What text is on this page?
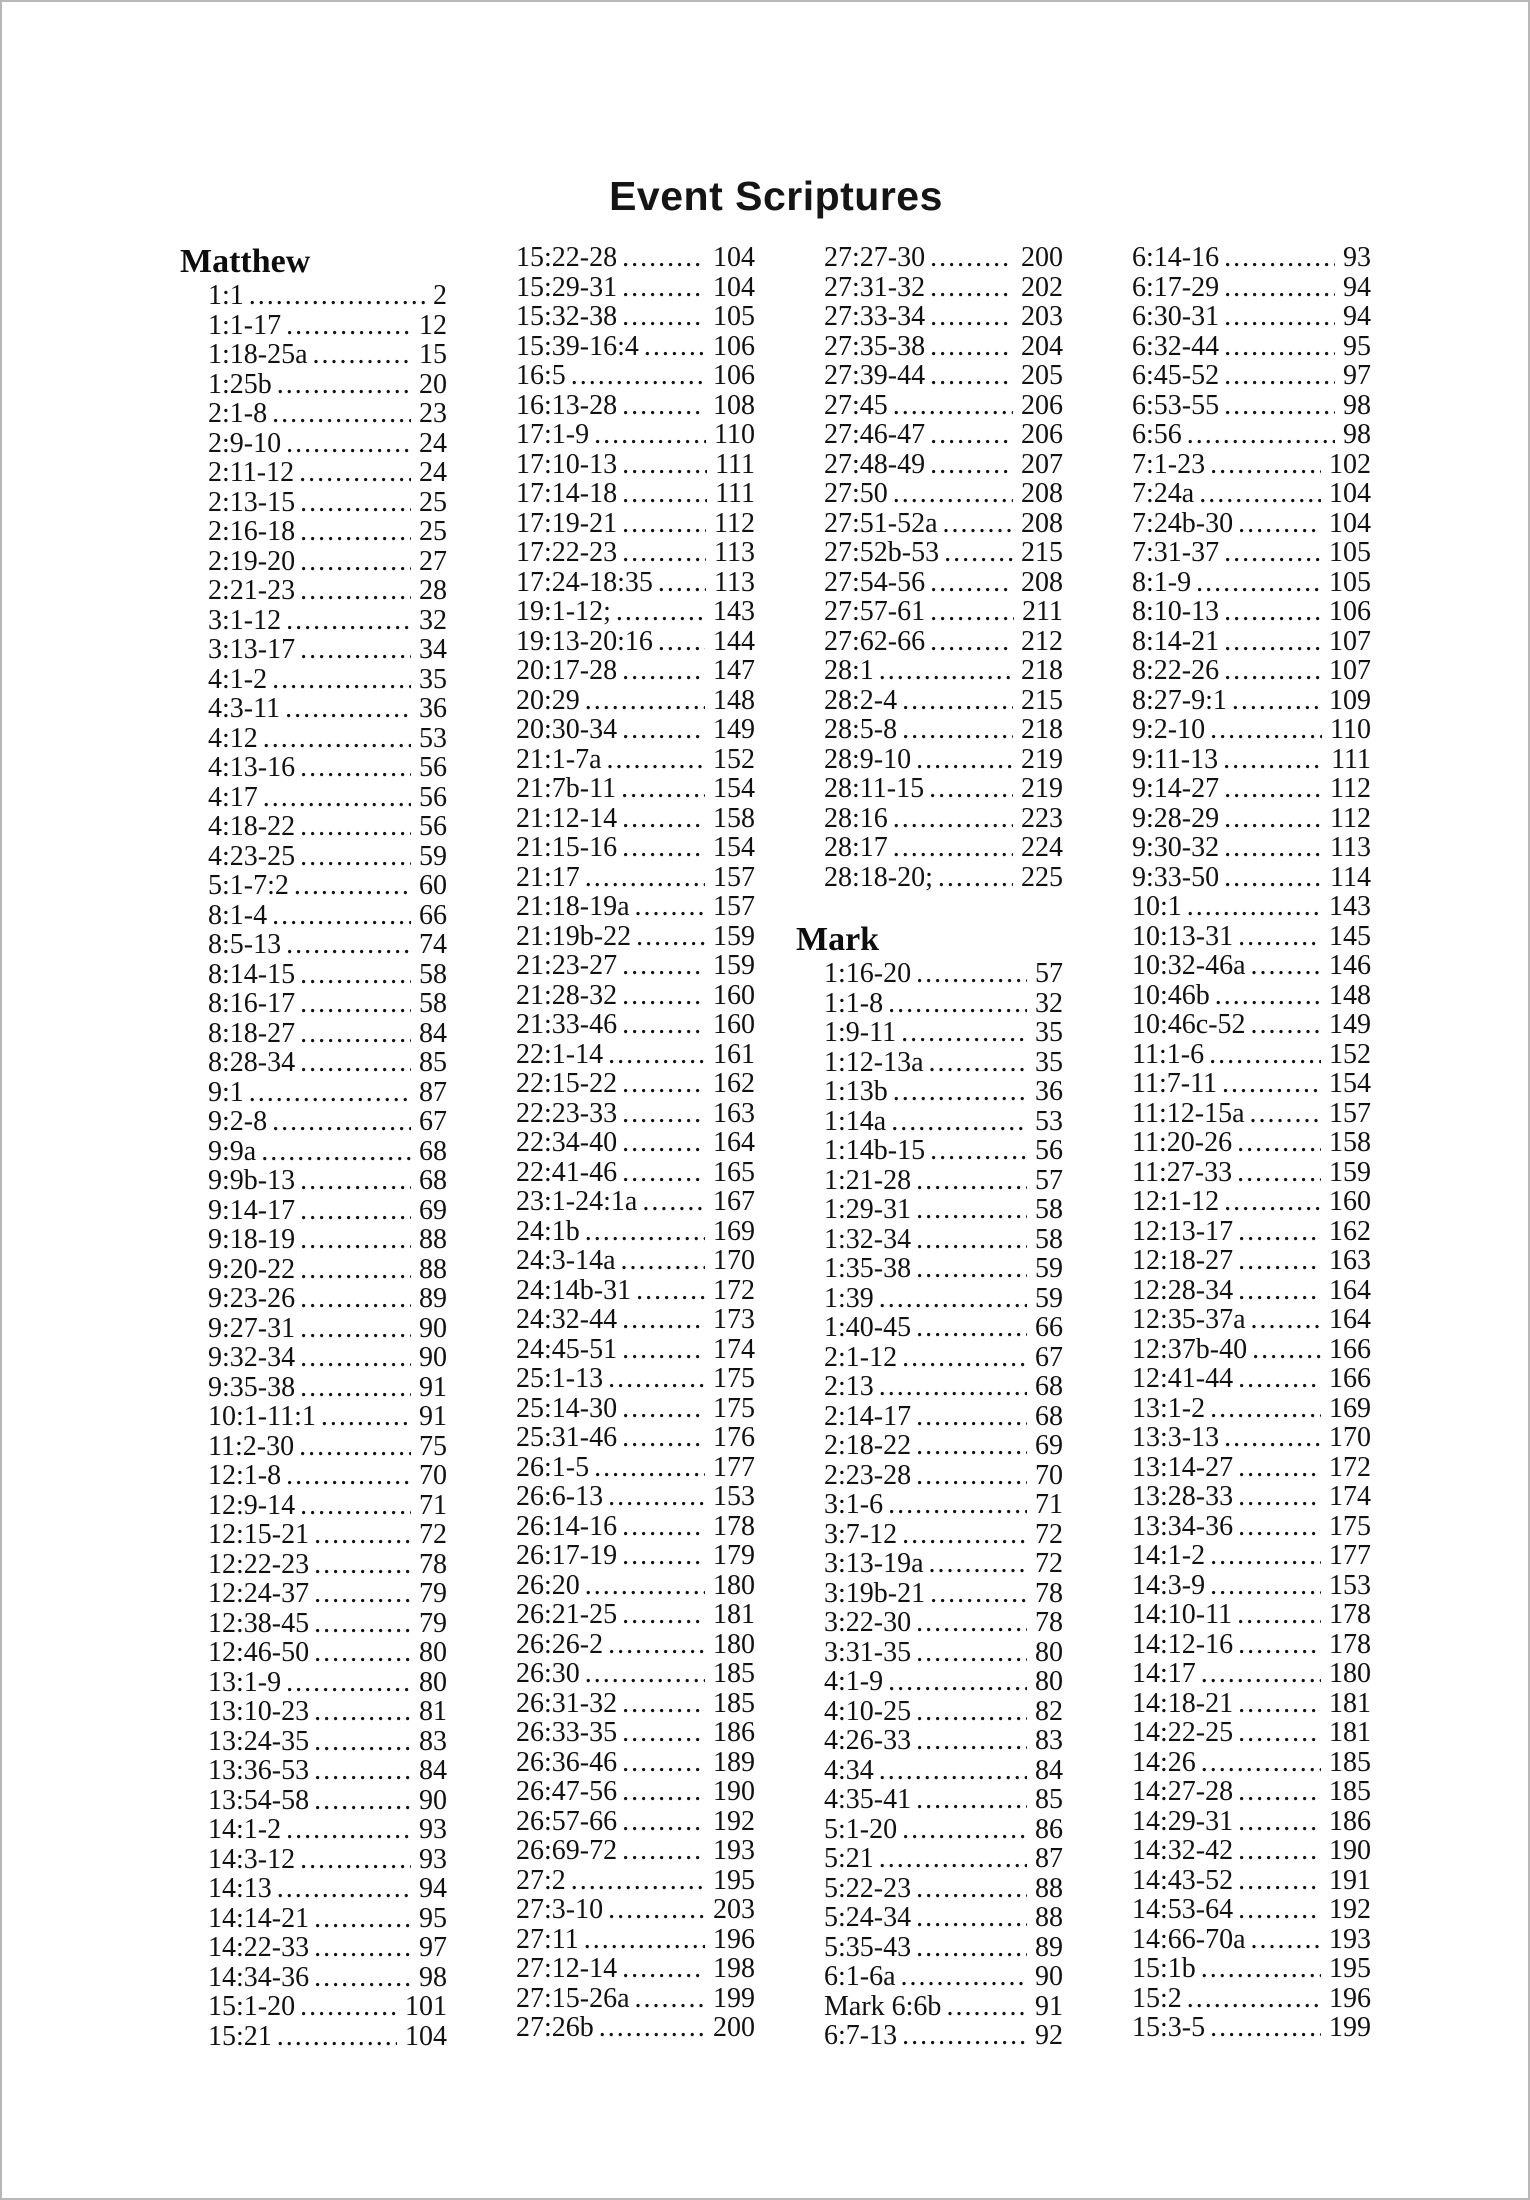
Event Scriptures
Matthew
1:1 .....	2
1:1-17 .....	12
1:18-25a .....	15
1:25b .....	20
2:1-8 .....	23
2:9-10 .....	24
2:11-12 .....	24
2:13-15 .....	25
2:16-18 .....	25
2:19-20 .....	27
2:21-23 .....	28
3:1-12 .....	32
3:13-17 .....	34
4:1-2 .....	35
4:3-11 .....	36
4:12 .....	53
4:13-16 .....	56
4:17 .....	56
4:18-22 .....	56
4:23-25 .....	59
5:1-7:2 .....	60
8:1-4 .....	66
8:5-13 .....	74
8:14-15 .....	58
8:16-17 .....	58
8:18-27 .....	84
8:28-34 .....	85
9:1 .....	87
9:2-8 .....	67
9:9a .....	68
9:9b-13 .....	68
9:14-17 .....	69
9:18-19 .....	88
9:20-22 .....	88
9:23-26 .....	89
9:27-31 .....	90
9:32-34 .....	90
9:35-38 .....	91
10:1-11:1 .....	91
11:2-30 .....	75
12:1-8 .....	70
12:9-14 .....	71
12:15-21 .....	72
12:22-23 .....	78
12:24-37 .....	79
12:38-45 .....	79
12:46-50 .....	80
13:1-9 .....	80
13:10-23 .....	81
13:24-35 .....	83
13:36-53 .....	84
13:54-58 .....	90
14:1-2 .....	93
14:3-12 .....	93
14:13 .....	94
14:14-21 .....	95
14:22-33 .....	97
14:34-36 .....	98
15:1-20 .....	101
15:21 .....	104
15:22-28 .....	104
15:29-31 .....	104
15:32-38 .....	105
15:39-16:4 .....	106
16:5 .....	106
16:13-28 .....	108
17:1-9 .....	110
17:10-13 .....	111
17:14-18 .....	111
17:19-21 .....	112
17:22-23 .....	113
17:24-18:35 ..... 113
19:1-12; .....	143
19:13-20:16 ..... 144
20:17-28 .....	147
20:29 .....	148
20:30-34 .....	149
21:1-7a .....	152
21:7b-11 .....	154
21:12-14 .....	158
21:15-16 .....	154
21:17 .....	157
21:18-19a .....	157
21:19b-22 .....	159
21:23-27 .....	159
21:28-32 .....	160
21:33-46 .....	160
22:1-14 .....	161
22:15-22 .....	162
22:23-33 .....	163
22:34-40 .....	164
22:41-46 .....	165
23:1-24:1a .....	167
24:1b .....	169
24:3-14a .....	170
24:14b-31 .....	172
24:32-44 .....	173
24:45-51 .....	174
25:1-13 .....	175
25:14-30 .....	175
25:31-46 .....	176
26:1-5 .....	177
26:6-13 .....	153
26:14-16 .....	178
26:17-19 .....	179
26:20 .....	180
26:21-25 .....	181
26:26-2 .....	180
26:30 .....	185
26:31-32 .....	185
26:33-35 .....	186
26:36-46 .....	189
26:47-56 .....	190
26:57-66 .....	192
26:69-72 .....	193
27:2 .....	195
27:3-10 .....	203
27:11 .....	196
27:12-14 .....	198
27:15-26a .....	199
27:26b .....	200
27:27-30 .....	200
27:31-32 .....	202
27:33-34 .....	203
27:35-38 .....	204
27:39-44 .....	205
27:45 .....	206
27:46-47 .....	206
27:48-49 .....	207
27:50 .....	208
27:51-52a .....	208
27:52b-53 .....	215
27:54-56 .....	208
27:57-61 .....	211
27:62-66 .....	212
28:1 .....	218
28:2-4 .....	215
28:5-8 .....	218
28:9-10 .....	219
28:11-15 .....	219
28:16 .....	223
28:17 .....	224
28:18-20; .....	225
Mark
1:16-20 .....	57
1:1-8 .....	32
1:9-11 .....	35
1:12-13a .....	35
1:13b .....	36
1:14a .....	53
1:14b-15 .....	56
1:21-28 .....	57
1:29-31 .....	58
1:32-34 .....	58
1:35-38 .....	59
1:39 .....	59
1:40-45 .....	66
2:1-12 .....	67
2:13 .....	68
2:14-17 .....	68
2:18-22 .....	69
2:23-28 .....	70
3:1-6 .....	71
3:7-12 .....	72
3:13-19a .....	72
3:19b-21 .....	78
3:22-30 .....	78
3:31-35 .....	80
4:1-9 .....	80
4:10-25 .....	82
4:26-33 .....	83
4:34 .....	84
4:35-41 .....	85
5:1-20 .....	86
5:21 .....	87
5:22-23 .....	88
5:24-34 .....	88
5:35-43 .....	89
6:1-6a .....	90
Mark 6:6b .....	91
6:7-13 .....	92
6:14-16 .....	93
6:17-29 .....	94
6:30-31 .....	94
6:32-44 .....	95
6:45-52 .....	97
6:53-55 .....	98
6:56 .....	98
7:1-23 .....	102
7:24a .....	104
7:24b-30 .....	104
7:31-37 .....	105
8:1-9 .....	105
8:10-13 .....	106
8:14-21 .....	107
8:22-26 .....	107
8:27-9:1 .....	109
9:2-10 .....	110
9:11-13 .....	111
9:14-27 .....	112
9:28-29 .....	112
9:30-32 .....	113
9:33-50 .....	114
10:1 .....	143
10:13-31 .....	145
10:32-46a .....	146
10:46b .....	148
10:46c-52 .....	149
11:1-6 .....	152
11:7-11 .....	154
11:12-15a .....	157
11:20-26 .....	158
11:27-33 .....	159
12:1-12 .....	160
12:13-17 .....	162
12:18-27 .....	163
12:28-34 .....	164
12:35-37a .....	164
12:37b-40 .....	166
12:41-44 .....	166
13:1-2 .....	169
13:3-13 .....	170
13:14-27 .....	172
13:28-33 .....	174
13:34-36 .....	175
14:1-2 .....	177
14:3-9 .....	153
14:10-11 .....	178
14:12-16 .....	178
14:17 .....	180
14:18-21 .....	181
14:22-25 .....	181
14:26 .....	185
14:27-28 .....	185
14:29-31 .....	186
14:32-42 .....	190
14:43-52 .....	191
14:53-64 .....	192
14:66-70a .....	193
15:1b .....	195
15:2 .....	196
15:3-5 .....	199
